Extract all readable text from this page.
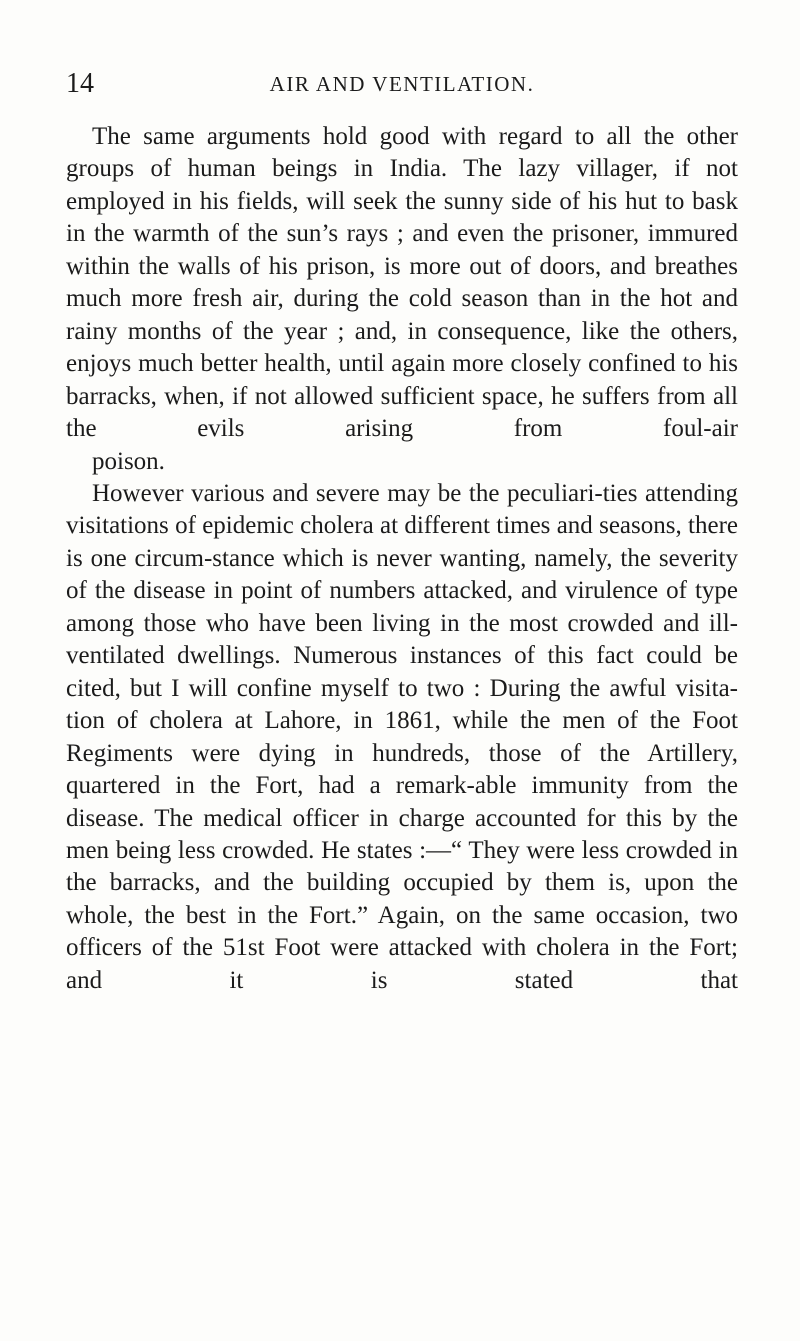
14	AIR AND VENTILATION.

The same arguments hold good with regard to all the other groups of human beings in India. The lazy villager, if not employed in his fields, will seek the sunny side of his hut to bask in the warmth of the sun’s rays ; and even the prisoner, immured within the walls of his prison, is more out of doors, and breathes much more fresh air, during the cold season than in the hot and rainy months of the year ; and, in consequence, like the others, enjoys much better health, until again more closely confined to his barracks, when, if not allowed sufficient space, he suffers from all the evils arising from foul-air
poison.

However various and severe may be the peculiari-ties attending visitations of epidemic cholera at different times and seasons, there is one circum-stance which is never wanting, namely, the severity of the disease in point of numbers attacked, and virulence of type among those who have been living in the most crowded and ill-ventilated dwellings. Numerous instances of this fact could be cited, but I will confine myself to two : During the awful visita-tion of cholera at Lahore, in 1861, while the men of the Foot Regiments were dying in hundreds, those of the Artillery, quartered in the Fort, had a remark-able immunity from the disease. The medical officer in charge accounted for this by the men being less crowded. He states :—“ They were less crowded in the barracks, and the building occupied by them is, upon the whole, the best in the Fort.” Again, on the same occasion, two officers of the 51st Foot were attacked with cholera in the Fort; and it is stated that
